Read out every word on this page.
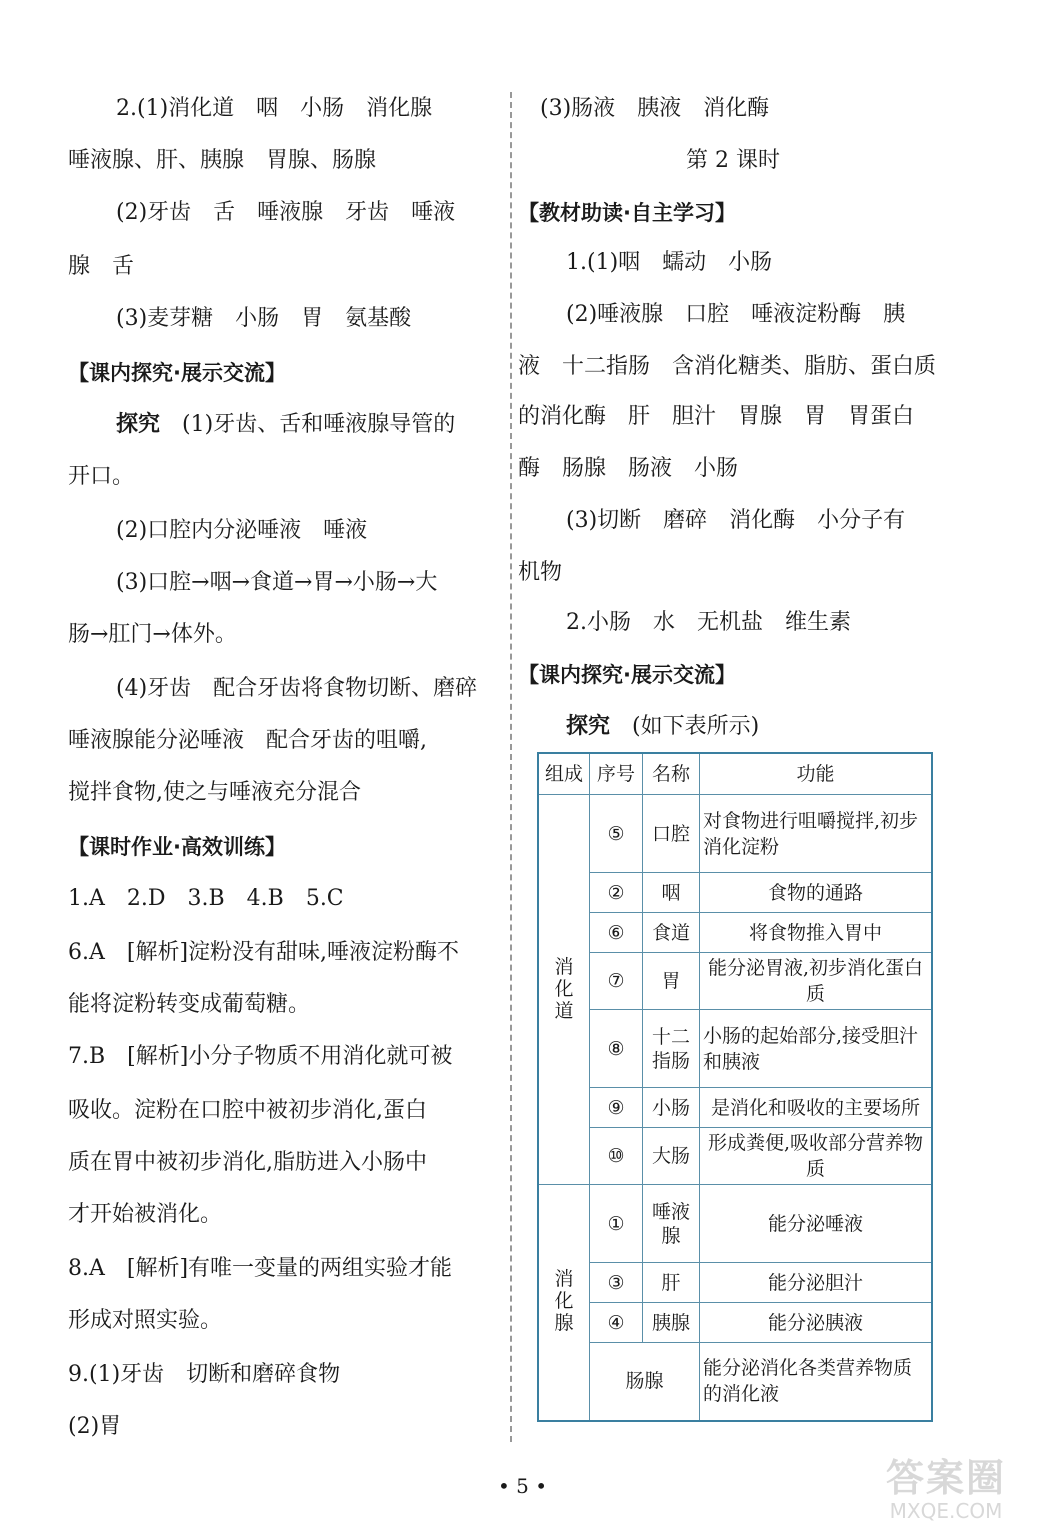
2.(1)消化道　咽　小肠　消化腺
唾液腺、肝、胰腺　胃腺、肠腺
(2)牙齿　舌　唾液腺　牙齿　唾液
腺　舌
(3)麦芽糖　小肠　胃　氨基酸
【课内探究·展示交流】
探究　 (1)牙齿、舌和唾液腺导管的
开口。
(2)口腔内分泌唾液　唾液
(3)口腔→咽→食道→胃→小肠→大
肠→肛门→体外。
(4)牙齿　配合牙齿将食物切断、磨碎
唾液腺能分泌唾液　配合牙齿的咀嚼,
搅拌食物,使之与唾液充分混合
【课时作业·高效训练】
1.A　2.D　3.B　4.B　5.C
6.A　[解析]淀粉没有甜味,唾液淀粉酶不
能将淀粉转变成葡萄糖。
7.B　[解析]小分子物质不用消化就可被
吸收。淀粉在口腔中被初步消化,蛋白
质在胃中被初步消化,脂肪进入小肠中
才开始被消化。
8.A　[解析]有唯一变量的两组实验才能
形成对照实验。
9.(1)牙齿　切断和磨碎食物
(2)胃
(3)肠液　胰液　消化酶
第 2 课时
【教材助读·自主学习】
1.(1)咽　蠕动　小肠
(2)唾液腺　口腔　唾液淀粉酶　胰
液　十二指肠　含消化糖类、脂肪、蛋白质
的消化酶　肝　胆汁　胃腺　胃　胃蛋白
酶　肠腺　肠液　小肠
(3)切断　磨碎　消化酶　小分子有
机物
2.小肠　水　无机盐　维生素
【课内探究·展示交流】
探究　 (如下表所示)
组成	序号	名称	功能
消化道	⑤	口腔	对食物进行咀嚼搅拌,初步消化淀粉
	②	咽	食物的通路
	⑥	食道	将食物推入胃中
	⑦	胃	能分泌胃液,初步消化蛋白质
	⑧	十二指肠	小肠的起始部分,接受胆汁和胰液
	⑨	小肠	是消化和吸收的主要场所
	⑩	大肠	形成粪便,吸收部分营养物质
消化腺	①	唾液腺	能分泌唾液
	③	肝	能分泌胆汁
	④	胰腺	能分泌胰液
	肠腺		能分泌消化各类营养物质的消化液
• 5 •	答案圈
MXQE.COM
